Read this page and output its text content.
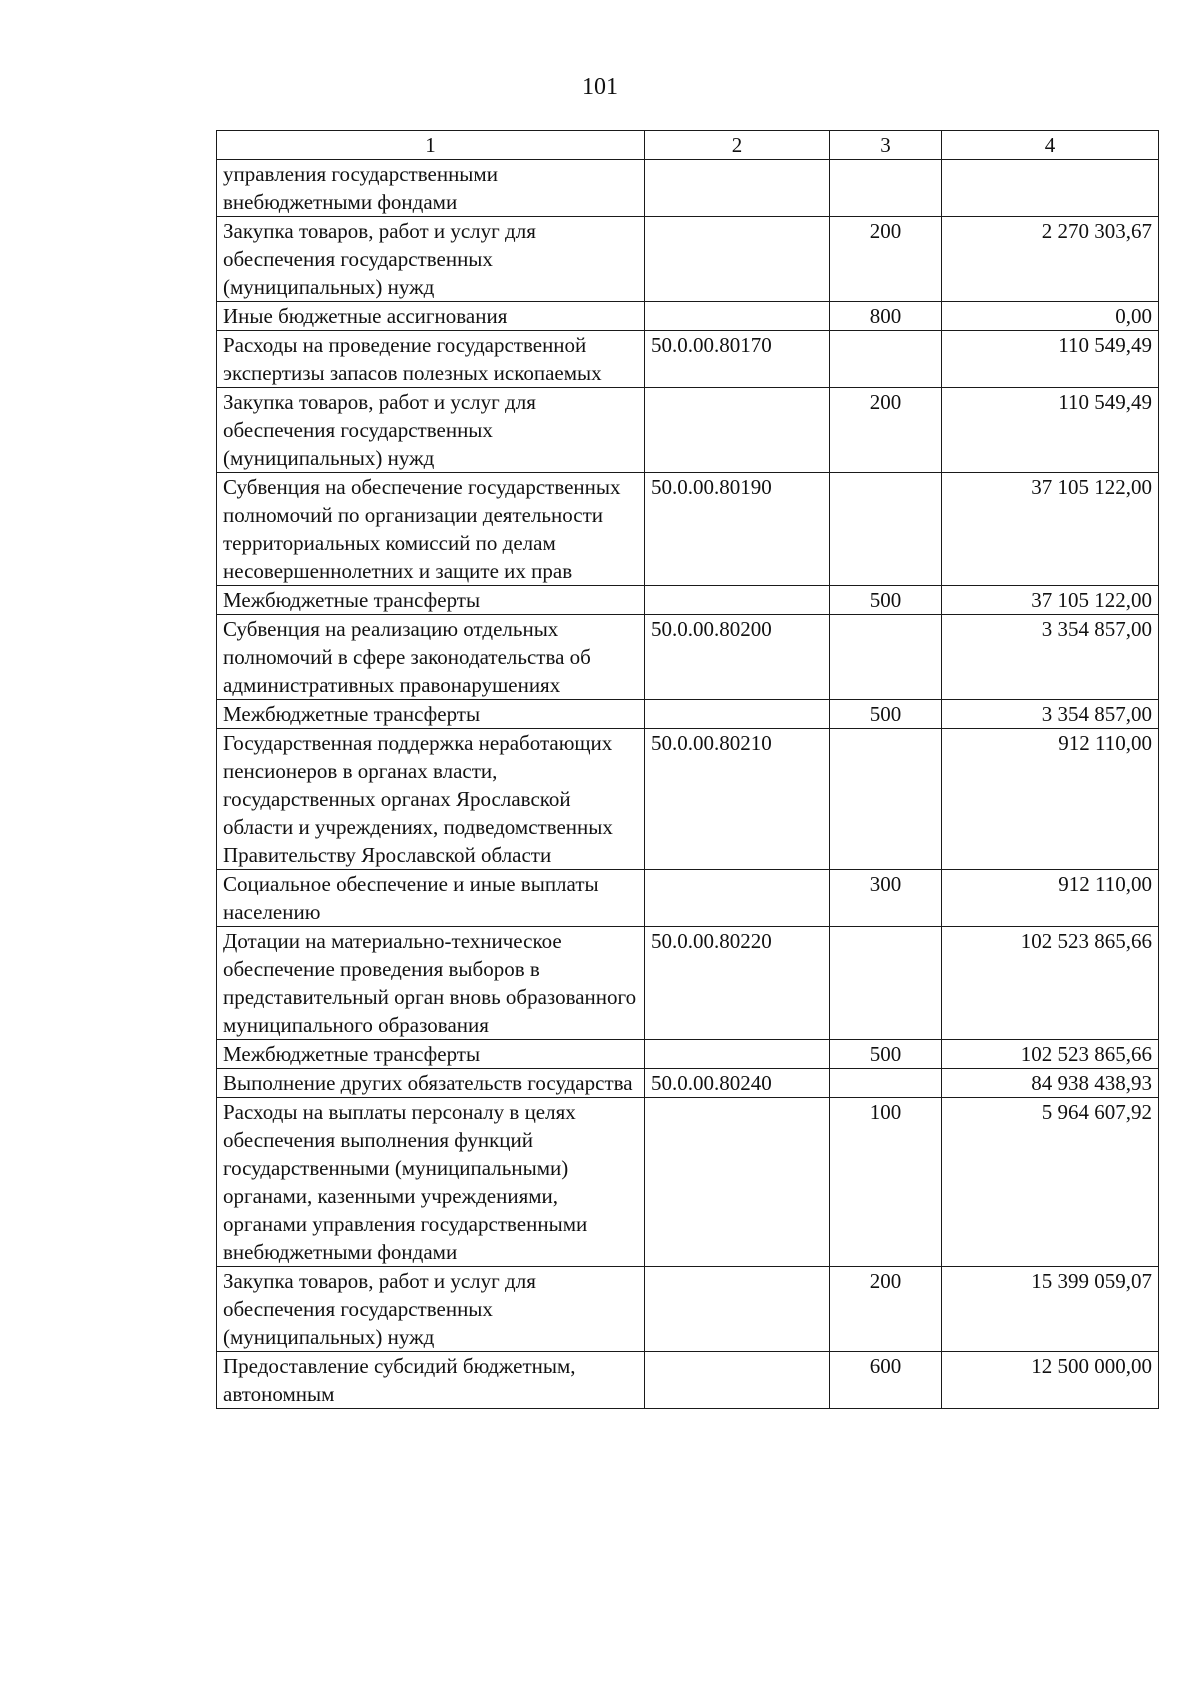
101
1	2	3	4
управления государственными внебюджетными фондами			
Закупка товаров, работ и услуг для обеспечения государственных (муниципальных) нужд		200	2 270 303,67
Иные бюджетные ассигнования		800	0,00
Расходы на проведение государственной экспертизы запасов полезных ископаемых	50.0.00.80170		110 549,49
Закупка товаров, работ и услуг для обеспечения государственных (муниципальных) нужд		200	110 549,49
Субвенция на обеспечение государственных полномочий по организации деятельности территориальных комиссий по делам несовершеннолетних и защите их прав	50.0.00.80190		37 105 122,00
Межбюджетные трансферты		500	37 105 122,00
Субвенция на реализацию отдельных полномочий в сфере законодательства об административных правонарушениях	50.0.00.80200		3 354 857,00
Межбюджетные трансферты		500	3 354 857,00
Государственная поддержка неработающих пенсионеров в органах власти, государственных органах Ярославской области и учреждениях, подведомственных Правительству Ярославской области	50.0.00.80210		912 110,00
Социальное обеспечение и иные выплаты населению		300	912 110,00
Дотации на материально-техническое обеспечение проведения выборов в представительный орган вновь образованного муниципального образования	50.0.00.80220		102 523 865,66
Межбюджетные трансферты		500	102 523 865,66
Выполнение других обязательств государства	50.0.00.80240		84 938 438,93
Расходы на выплаты персоналу в целях обеспечения выполнения функций государственными (муниципальными) органами, казенными учреждениями, органами управления государственными внебюджетными фондами		100	5 964 607,92
Закупка товаров, работ и услуг для обеспечения государственных (муниципальных) нужд		200	15 399 059,07
Предоставление субсидий бюджетным, автономным		600	12 500 000,00
